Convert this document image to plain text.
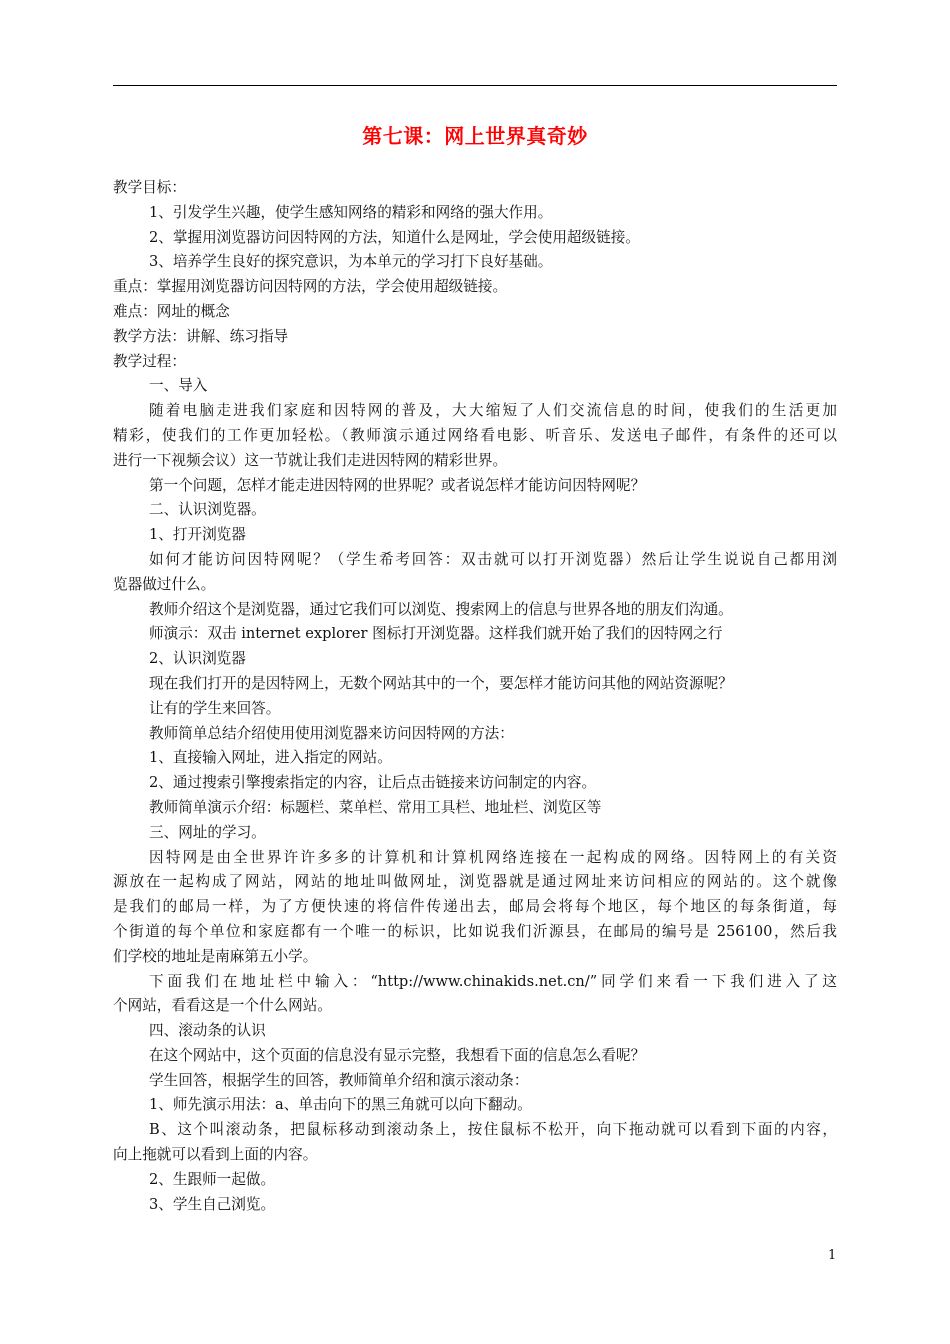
第七课：网上世界真奇妙
教学目标：
1、引发学生兴趣，使学生感知网络的精彩和网络的强大作用。
2、掌握用浏览器访问因特网的方法，知道什么是网址，学会使用超级链接。
3、培养学生良好的探究意识，为本单元的学习打下良好基础。
重点：掌握用浏览器访问因特网的方法，学会使用超级链接。
难点：网址的概念
教学方法：讲解、练习指导
教学过程：
一、导入
随着电脑走进我们家庭和因特网的普及，大大缩短了人们交流信息的时间，使我们的生活更加
精彩，使我们的工作更加轻松。（教师演示通过网络看电影、听音乐、发送电子邮件，有条件的还可以
进行一下视频会议）这一节就让我们走进因特网的精彩世界。
第一个问题，怎样才能走进因特网的世界呢？或者说怎样才能访问因特网呢？
二、认识浏览器。
1、打开浏览器
如何才能访问因特网呢？（学生希考回答：双击就可以打开浏览器）然后让学生说说自己都用浏
览器做过什么。
教师介绍这个是浏览器，通过它我们可以浏览、搜索网上的信息与世界各地的朋友们沟通。
师演示：双击 internet explorer 图标打开浏览器。这样我们就开始了我们的因特网之行
2、认识浏览器
现在我们打开的是因特网上，无数个网站其中的一个，要怎样才能访问其他的网站资源呢？
让有的学生来回答。
教师简单总结介绍使用使用浏览器来访问因特网的方法：
1、直接输入网址，进入指定的网站。
2、通过搜索引擎搜索指定的内容，让后点击链接来访问制定的内容。
教师简单演示介绍：标题栏、菜单栏、常用工具栏、地址栏、浏览区等
三、网址的学习。
因特网是由全世界许许多多的计算机和计算机网络连接在一起构成的网络。因特网上的有关资
源放在一起构成了网站，网站的地址叫做网址，浏览器就是通过网址来访问相应的网站的。这个就像
是我们的邮局一样，为了方便快速的将信件传递出去，邮局会将每个地区，每个地区的每条街道，每
个街道的每个单位和家庭都有一个唯一的标识，比如说我们沂源县，在邮局的编号是 256100，然后我
们学校的地址是南麻第五小学。
下面我们在地址栏中输入：“http://www.chinakids.net.cn/”同学们来看一下我们进入了这
个网站，看看这是一个什么网站。
四、滚动条的认识
在这个网站中，这个页面的信息没有显示完整，我想看下面的信息怎么看呢？
学生回答，根据学生的回答，教师简单介绍和演示滚动条：
1、师先演示用法：a、单击向下的黑三角就可以向下翻动。
B、这个叫滚动条，把鼠标移动到滚动条上，按住鼠标不松开，向下拖动就可以看到下面的内容，
向上拖就可以看到上面的内容。
2、生跟师一起做。
3、学生自己浏览。
1
